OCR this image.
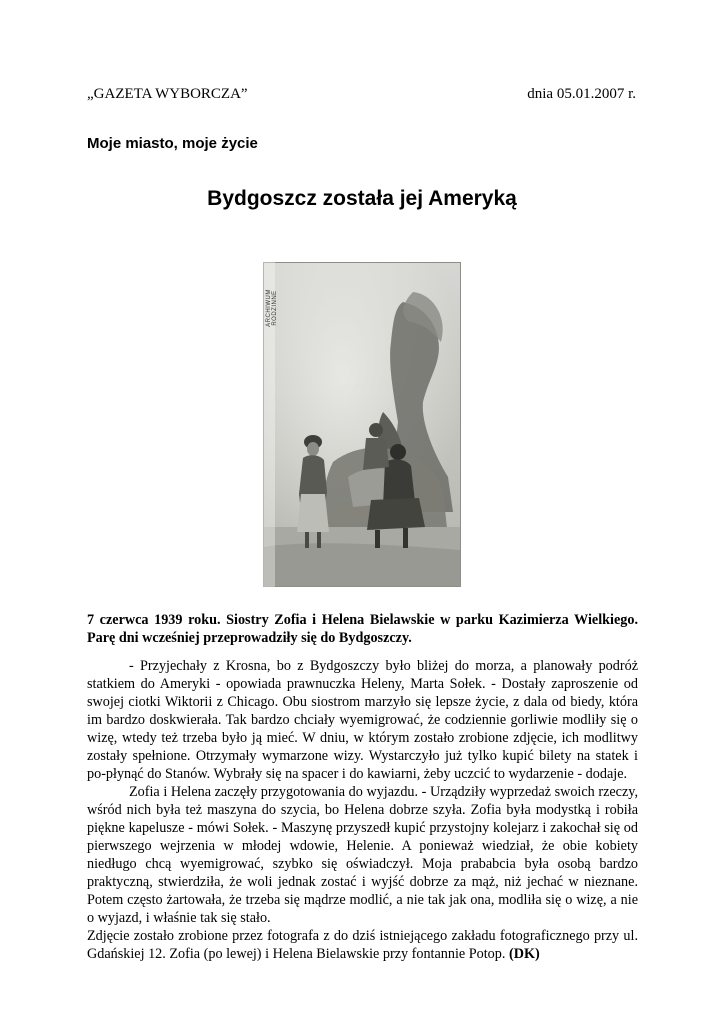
„GAZETA WYBORCZA”	dnia 05.01.2007 r.
Moje miasto, moje życie
Bydgoszcz została jej Ameryką
ARCHIWUM RODZINNE
7 czerwca 1939 roku. Siostry Zofia i Helena Bielawskie w parku Kazimierza Wielkiego. Parę dni wcześniej przeprowadziły się do Bydgoszczy.

- Przyjechały z Krosna, bo z Bydgoszczy było bliżej do morza, a planowały podróż statkiem do Ameryki - opowiada prawnuczka Heleny, Marta Sołek. - Dostały zaproszenie od swojej ciotki Wiktorii z Chicago. Obu siostrom marzyło się lepsze życie, z dala od biedy, która im bardzo doskwierała. Tak bardzo chciały wyemigrować, że codziennie gorliwie modliły się o wizę, wtedy też trzeba było ją mieć. W dniu, w którym zostało zrobione zdjęcie, ich modlitwy zostały spełnione. Otrzymały wymarzone wizy. Wystarczyło już tylko kupić bilety na statek i po-płynąć do Stanów. Wybrały się na spacer i do kawiarni, żeby uczcić to wydarzenie - dodaje.

Zofia i Helena zaczęły przygotowania do wyjazdu. - Urządziły wyprzedaż swoich rzeczy, wśród nich była też maszyna do szycia, bo Helena dobrze szyła. Zofia była modystką i robiła piękne kapelusze - mówi Sołek. - Maszynę przyszedł kupić przystojny kolejarz i zakochał się od pierwszego wejrzenia w młodej wdowie, Helenie. A ponieważ wiedział, że obie kobiety niedługo chcą wyemigrować, szybko się oświadczył. Moja prababcia była osobą bardzo praktyczną, stwierdziła, że woli jednak zostać i wyjść dobrze za mąż, niż jechać w nieznane. Potem często żartowała, że trzeba się mądrze modlić, a nie tak jak ona, modliła się o wizę, a nie o wyjazd, i właśnie tak się stało.

Zdjęcie zostało zrobione przez fotografa z do dziś istniejącego zakładu fotograficznego przy ul. Gdańskiej 12. Zofia (po lewej) i Helena Bielawskie przy fontannie Potop. (DK)
